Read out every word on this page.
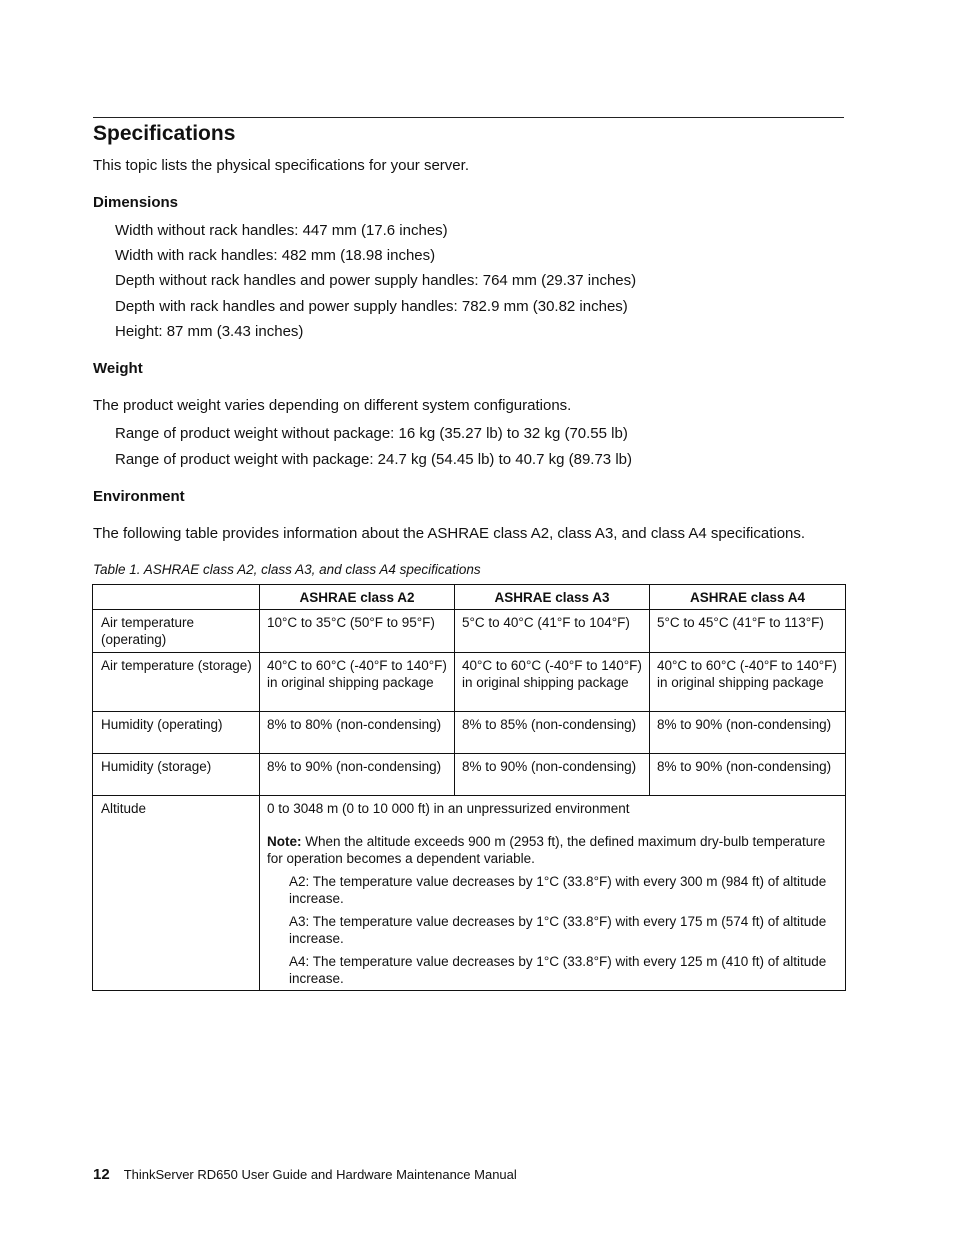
Specifications

This topic lists the physical specifications for your server.

Dimensions

Width without rack handles: 447 mm (17.6 inches)

Width with rack handles: 482 mm (18.98 inches)

Depth without rack handles and power supply handles: 764 mm (29.37 inches)

Depth with rack handles and power supply handles: 782.9 mm (30.82 inches)

Height: 87 mm (3.43 inches)

Weight

The product weight varies depending on different system configurations.

Range of product weight without package: 16 kg (35.27 lb) to 32 kg (70.55 lb)

Range of product weight with package: 24.7 kg (54.45 lb) to 40.7 kg (89.73 lb)

Environment

The following table provides information about the ASHRAE class A2, class A3, and class A4 specifications.

Table 1. ASHRAE class A2, class A3, and class A4 specifications

	ASHRAE class A2	ASHRAE class A3	ASHRAE class A4
Air temperature (operating)	10°C to 35°C (50°F to 95°F)	5°C to 40°C (41°F to 104°F)	5°C to 45°C (41°F to 113°F)
Air temperature (storage)	40°C to 60°C (-40°F to 140°F) in original shipping package	40°C to 60°C (-40°F to 140°F) in original shipping package	40°C to 60°C (-40°F to 140°F) in original shipping package
Humidity (operating)	8% to 80% (non-condensing)	8% to 85% (non-condensing)	8% to 90% (non-condensing)
Humidity (storage)	8% to 90% (non-condensing)	8% to 90% (non-condensing)	8% to 90% (non-condensing)
Altitude	0 to 3048 m (0 to 10 000 ft) in an unpressurized environment

Note: When the altitude exceeds 900 m (2953 ft), the defined maximum dry-bulb temperature for operation becomes a dependent variable.

A2: The temperature value decreases by 1°C (33.8°F) with every 300 m (984 ft) of altitude increase.

A3: The temperature value decreases by 1°C (33.8°F) with every 175 m (574 ft) of altitude increase.

A4: The temperature value decreases by 1°C (33.8°F) with every 125 m (410 ft) of altitude increase.		

12 ThinkServer RD650 User Guide and Hardware Maintenance Manual
